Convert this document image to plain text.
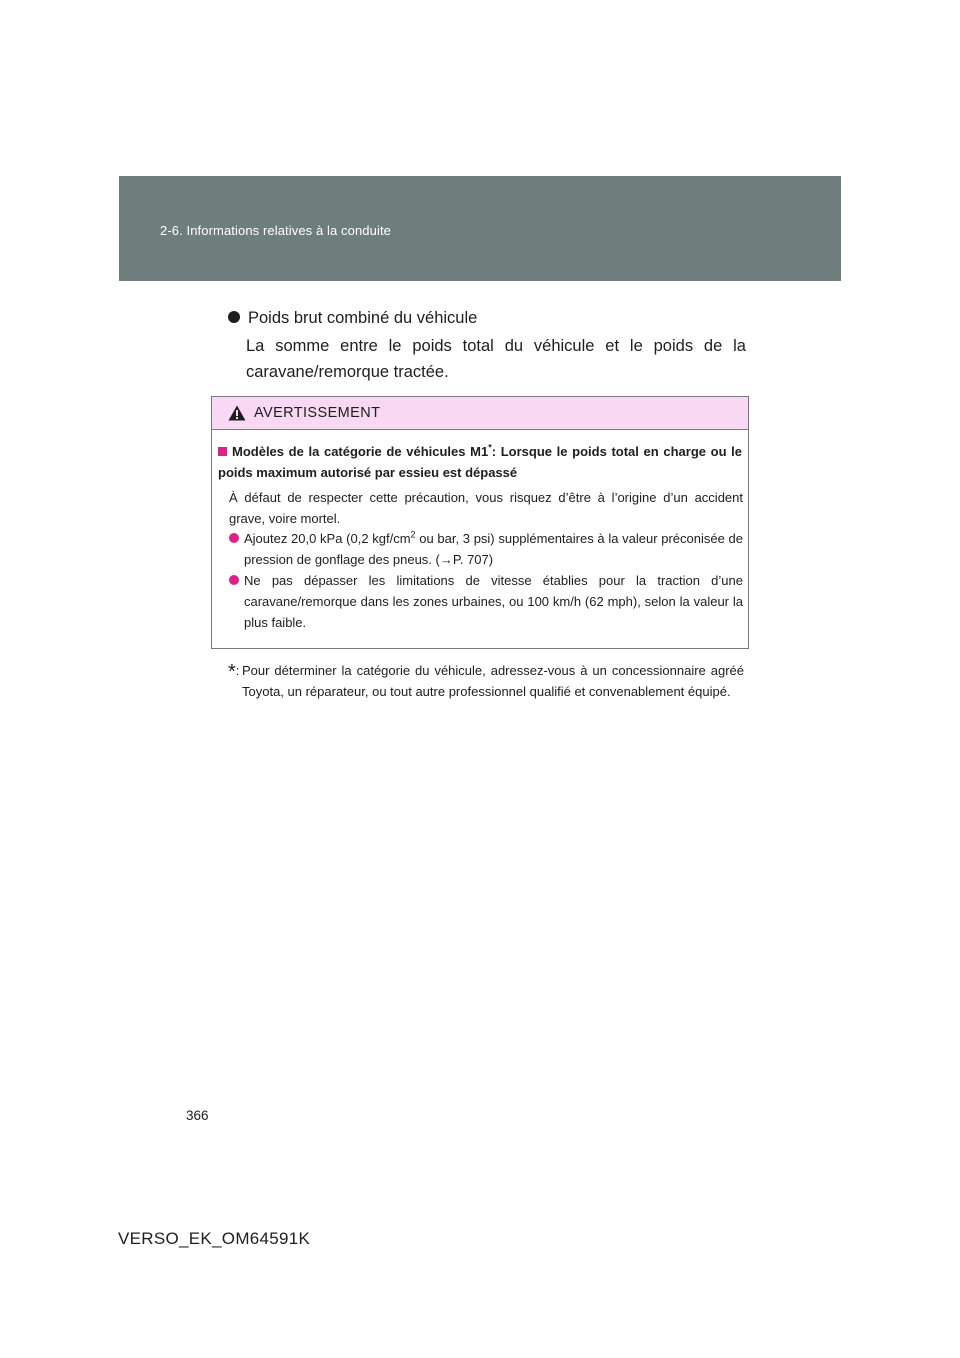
2-6. Informations relatives à la conduite
Poids brut combiné du véhicule
La somme entre le poids total du véhicule et le poids de la caravane/remorque tractée.
AVERTISSEMENT
Modèles de la catégorie de véhicules M1*: Lorsque le poids total en charge ou le poids maximum autorisé par essieu est dépassé
À défaut de respecter cette précaution, vous risquez d’être à l’origine d’un accident grave, voire mortel.
Ajoutez 20,0 kPa (0,2 kgf/$cm^2$ ou bar, 3 psi) supplémentaires à la valeur préconisée de pression de gonflage des pneus. (→P. 707)
Ne pas dépasser les limitations de vitesse établies pour la traction d’une caravane/remorque dans les zones urbaines, ou 100 km/h (62 mph), selon la valeur la plus faible.
*: Pour déterminer la catégorie du véhicule, adressez-vous à un concessionnaire agréé Toyota, un réparateur, ou tout autre professionnel qualifié et convenablement équipé.
366
VERSO_EK_OM64591K
